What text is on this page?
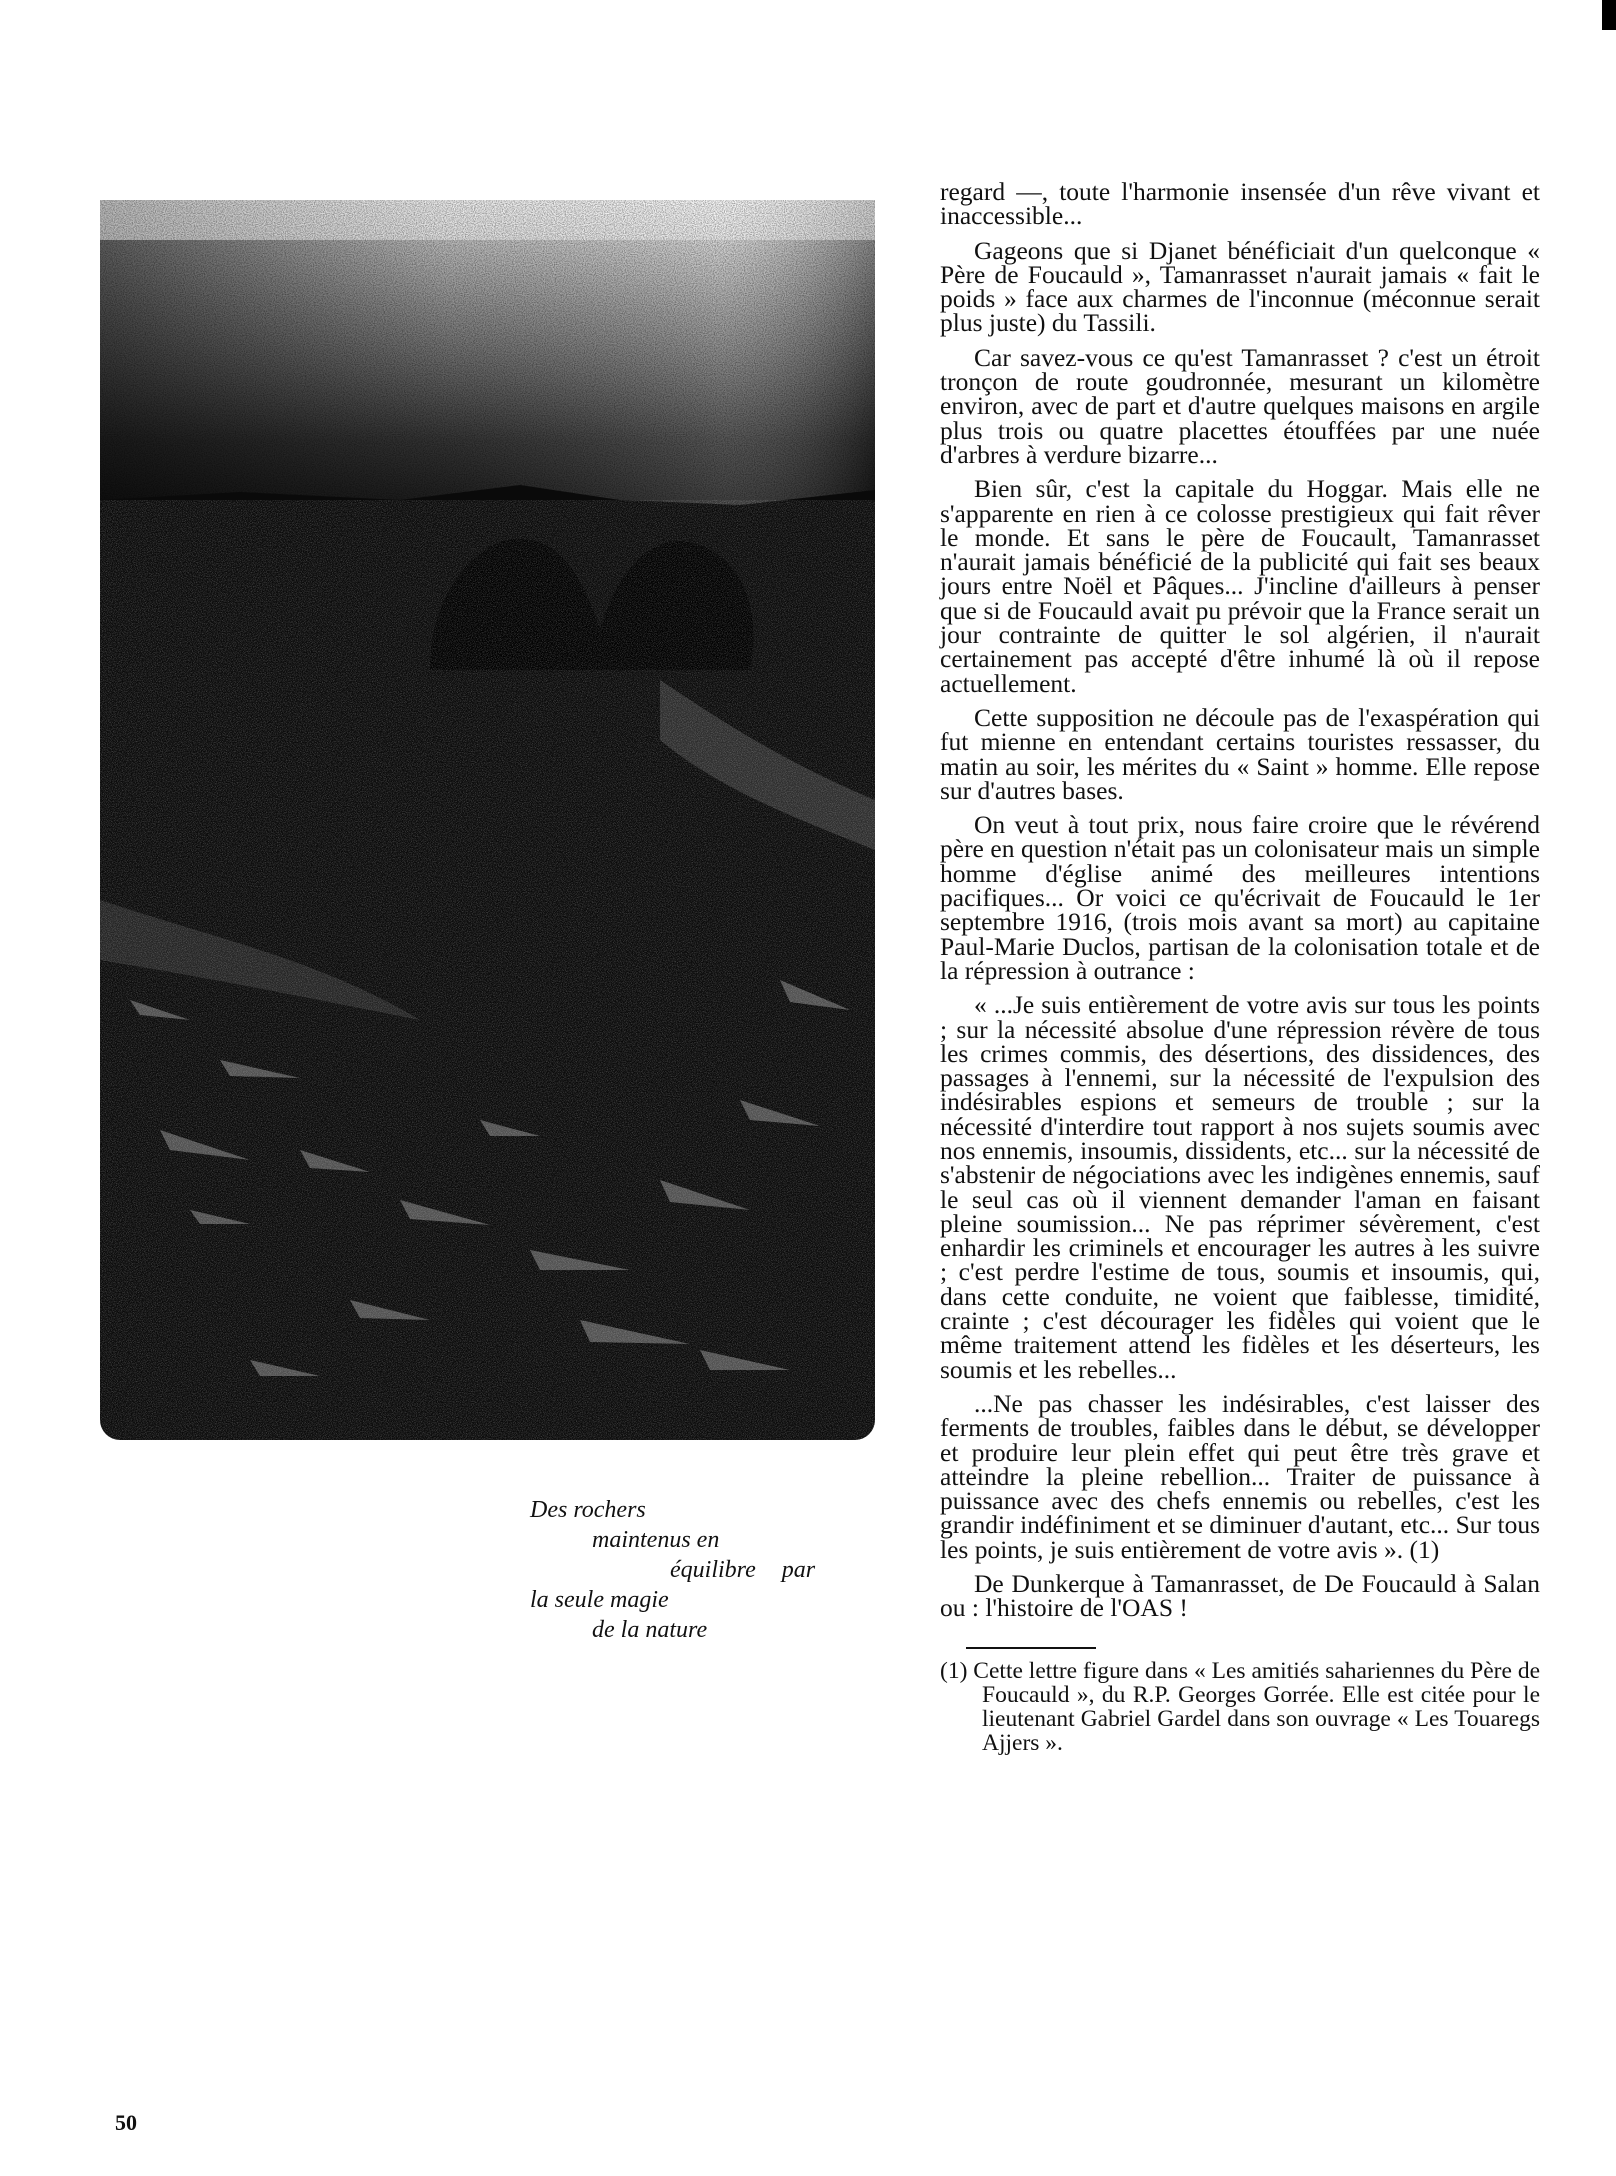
Des rochers
maintenus en
équilibre par
la seule magie
de la nature

regard —, toute l'harmonie insensée d'un rêve vivant et inaccessible...

Gageons que si Djanet bénéficiait d'un quelconque « Père de Foucauld », Tamanrasset n'aurait jamais « fait le poids » face aux charmes de l'inconnue (méconnue serait plus juste) du Tassili.

Car savez-vous ce qu'est Tamanrasset ? c'est un étroit tronçon de route goudronnée, mesurant un kilomètre environ, avec de part et d'autre quelques maisons en argile plus trois ou quatre placettes étouffées par une nuée d'arbres à verdure bizarre...

Bien sûr, c'est la capitale du Hoggar. Mais elle ne s'apparente en rien à ce colosse prestigieux qui fait rêver le monde. Et sans le père de Foucault, Tamanrasset n'aurait jamais bénéficié de la publicité qui fait ses beaux jours entre Noël et Pâques... J'incline d'ailleurs à penser que si de Foucauld avait pu prévoir que la France serait un jour contrainte de quitter le sol algérien, il n'aurait certainement pas accepté d'être inhumé là où il repose actuellement.

Cette supposition ne découle pas de l'exaspération qui fut mienne en entendant certains touristes ressasser, du matin au soir, les mérites du « Saint » homme. Elle repose sur d'autres bases.

On veut à tout prix, nous faire croire que le révérend père en question n'était pas un colonisateur mais un simple homme d'église animé des meilleures intentions pacifiques... Or voici ce qu'écrivait de Foucauld le 1er septembre 1916, (trois mois avant sa mort) au capitaine Paul-Marie Duclos, partisan de la colonisation totale et de la répression à outrance :

« ...Je suis entièrement de votre avis sur tous les points ; sur la nécessité absolue d'une répression révère de tous les crimes commis, des désertions, des dissidences, des passages à l'ennemi, sur la nécessité de l'expulsion des indésirables espions et semeurs de trouble ; sur la nécessité d'interdire tout rapport à nos sujets soumis avec nos ennemis, insoumis, dissidents, etc... sur la nécessité de s'abstenir de négociations avec les indigènes ennemis, sauf le seul cas où il viennent demander l'aman en faisant pleine soumission... Ne pas réprimer sévèrement, c'est enhardir les criminels et encourager les autres à les suivre ; c'est perdre l'estime de tous, soumis et insoumis, qui, dans cette conduite, ne voient que faiblesse, timidité, crainte ; c'est décourager les fidèles qui voient que le même traitement attend les fidèles et les déserteurs, les soumis et les rebelles...

...Ne pas chasser les indésirables, c'est laisser des ferments de troubles, faibles dans le début, se développer et produire leur plein effet qui peut être très grave et atteindre la pleine rebellion... Traiter de puissance à puissance avec des chefs ennemis ou rebelles, c'est les grandir indéfiniment et se diminuer d'autant, etc... Sur tous les points, je suis entièrement de votre avis ». (1)

De Dunkerque à Tamanrasset, de De Foucauld à Salan ou : l'histoire de l'OAS !

(1) Cette lettre figure dans « Les amitiés sahariennes du Père de Foucauld », du R.P. Georges Gorrée. Elle est citée pour le lieutenant Gabriel Gardel dans son ouvrage « Les Touaregs Ajjers ».
50
